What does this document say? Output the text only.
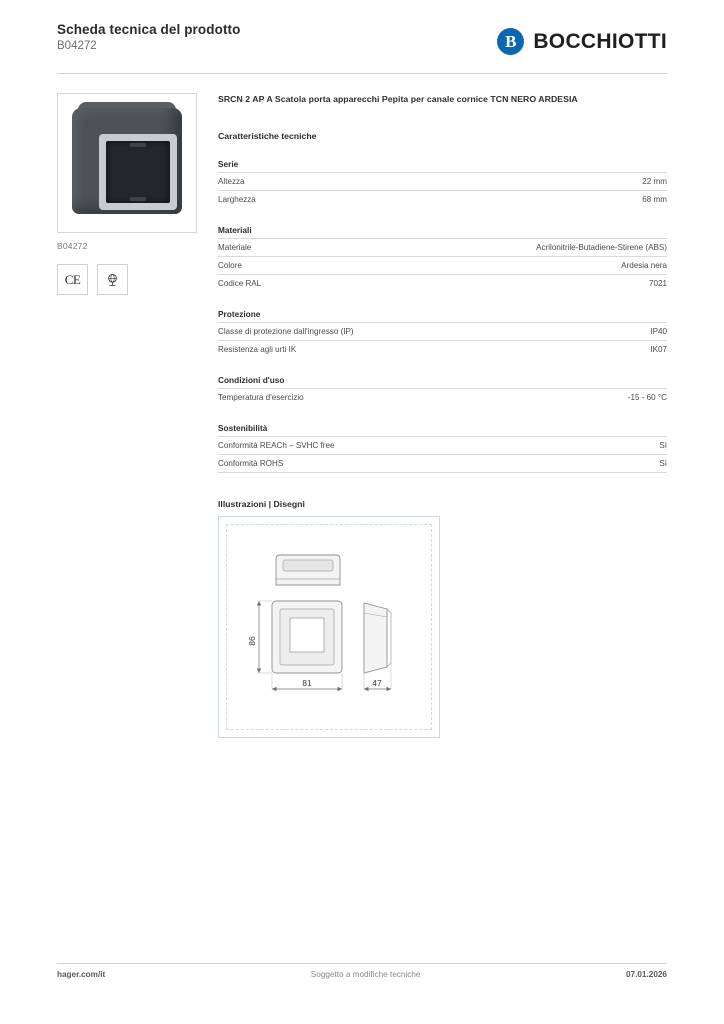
Scheda tecnica del prodotto
B04272	B BOCCHIOTTI
B04272
CE
SRCN 2 AP A Scatola porta apparecchi Pepita per canale cornice TCN NERO ARDESIA
Caratteristiche tecniche
Serie
Altezza	22 mm
Larghezza	68 mm
Materiali
Materiale	Acrilonitrile-Butadiene-Stirene (ABS)
Colore	Ardesia nera
Codice RAL	7021
Protezione
Classe di protezione dall'ingresso (IP)	IP40
Resistenza agli urti IK	IK07
Condizioni d'uso
Temperatura d'esercizio	-15 - 60 °C
Sostenibilità
Conformità REACh – SVHC free	Sì
Conformità ROHS	Sì
Illustrazioni | Disegni
86
81	47
hager.com/it	Soggetto a modifiche tecniche	07.01.2026
